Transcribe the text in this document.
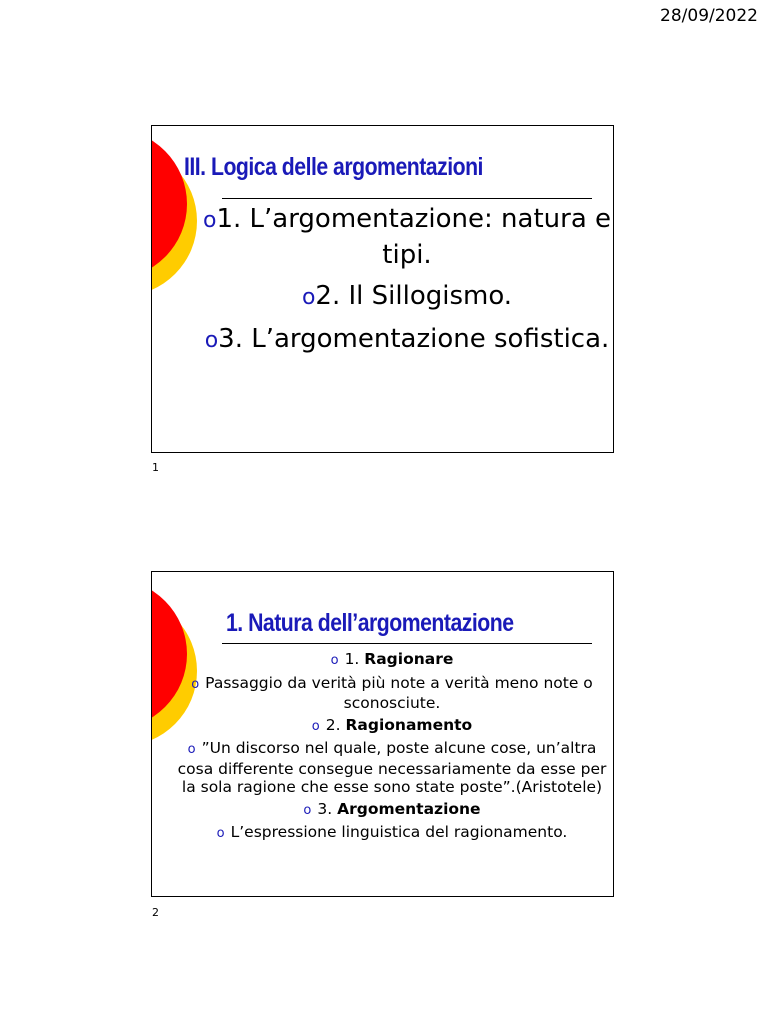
28/09/2022
III. Logica delle argomentazioni
o1. L’argomentazione: natura e tipi.
o2. Il Sillogismo.
o3. L’argomentazione sofistica.
1
1. Natura dell’argomentazione
o 1. Ragionare
o Passaggio da verità più note a verità meno note o sconosciute.
o 2. Ragionamento
o ”Un discorso nel quale, poste alcune cose, un’altra cosa differente consegue necessariamente da esse per la sola ragione che esse sono state poste”.(Aristotele)
o 3. Argomentazione
o L’espressione linguistica del ragionamento.
2
